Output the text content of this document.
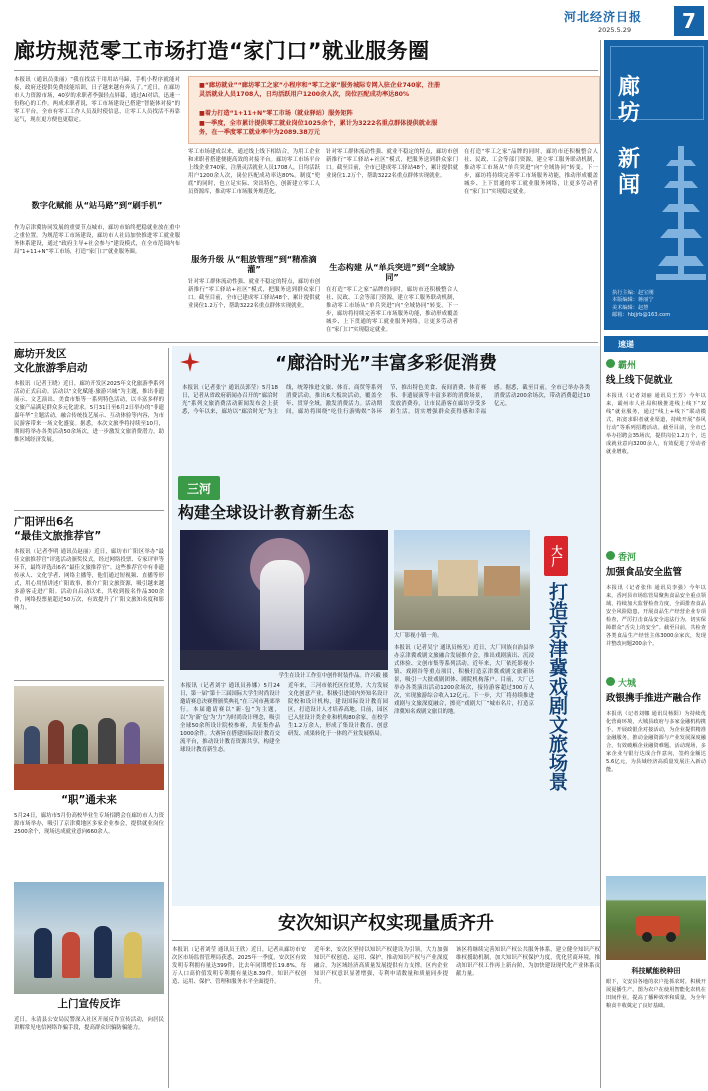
河北经济日报
2025.5.29	7
廊
坊
新
闻
执行主编：赵宝刚
本版编辑：蒋丽宁
美术编辑：赵慧
邮箱：hbjjrb@163.com
廊坊规范零工市场打造“家门口”就业服务圈
本报讯（通讯员张丽）“我在找活干用用站马蹄，手机小程序就能对接，政府还提供免费技能培训，日子越来越有奔头了。”近日，在廊坊市人力资源市场，40岁的求职者李强轻点屏幕，通过AI对话，迅速一份称心的工作。两成求职者说，零工市场建设已搭建“智能体对接”的零工平台，全市有零工工作人员及时使信息，让零工人员找活不再靠运气，现在更方便也更稳定。
数字化赋能 从“站马路”到“刷手机”
作为京津冀协同发展的重要节点城市，廊坊市始终把稳就业放在重中之重位置。为规范零工市场建设，廊坊市人社局加快推进零工就业服务体系建设，通过“政府主导+社会参与”建设模式，在全市范围内布局“1+11+N”零工市场，打造“家门口”就业服务圈。
■“廊坊就业”“廊坊零工之家”小程序和“零工之家”服务城际专网入驻企业740家，注册灵活就业人员1708人，日均活跃用户1200余人次，岗位匹配成功率达80%
■着力打造“1+11+N”零工市场（就业驿站）服务矩阵
■一季度，全市累计提供零工就业岗位1025余个，累计为3222名重点群体提供就业服务，在一季度零工就业率中为2089.38万元
零工市场建成以来，通过线上线下相结合，为用工企业和求职者搭建便捷高效的对接平台。廊坊零工市场平台上线企业740家，注册灵活就业人员1708人，日均活跃用户1200余人次，岗位匹配成功率达80%。制度“兜底”的同时，也立足实际、突出特色，创新建立零工人员资源库，推动零工市场服务规范化。
服务升级 从“粗放管理”到“精准滴灌”
针对零工群体流动性强、就业不稳定的特点，廊坊市创新推行“零工驿站+社区”模式，把服务送到群众家门口。截至目前，全市已建成零工驿站48个，累计提供就业岗位1.2万个，帮助3222名重点群体实现就业。
针对零工群体流动性强、就业不稳定的特点，廊坊市创新推行“零工驿站+社区”模式，把服务送到群众家门口。截至目前，全市已建成零工驿站48个，累计提供就业岗位1.2万个，帮助3222名重点群体实现就业。
生态构建 从“单兵突进”到“全域协同”
在打造“零工之家”品牌的同时，廊坊市还积极整合人社、民政、工会等部门资源，建立零工服务联动机制，推动零工市场从“单兵突进”向“全域协同”转变。下一步，廊坊将持续完善零工市场服务功能，推动形成覆盖城乡、上下贯通的零工就业服务网络，让更多劳动者在“家门口”实现稳定就业。
在打造“零工之家”品牌的同时，廊坊市还积极整合人社、民政、工会等部门资源，建立零工服务联动机制，推动零工市场从“单兵突进”向“全域协同”转变。下一步，廊坊将持续完善零工市场服务功能，推动形成覆盖城乡、上下贯通的零工就业服务网络，让更多劳动者在“家门口”实现稳定就业。
速递
霸州
线上线下促就业
本报讯（记者刘丽 通讯员王芳）今年以来，霸州市人社局积极推进线上线下“双线”就业服务，通过“线上+线下”联动模式，拓宽求职者就业渠道，持续开展“春风行动”等系列招聘活动。截至目前，全市已举办招聘会35场次，提供岗位1.2万个，达成就业意向3200余人，有效促进了劳动者就业增收。
香河
加强食品安全监管
本报讯（记者张伟 通讯员李强）今年以来，香河县市场监管局聚焦食品安全重点领域，持续加大监督检查力度，全面排查食品安全风险隐患，开展食品生产经营企业专项检查，严厉打击食品安全违法行为，切实保障群众“舌尖上的安全”。截至目前，共检查各类食品生产经营主体3000余家次，发现并整改问题200余个。
大城
政银携手推进产融合作
本报讯（记者刘娜 通讯员杨阳）为持续优化营商环境，大城县政府与多家金融机构携手，开展政银企对接活动，为企业提供精准金融服务，推动金融资源与产业发展深度融合，有效破解企业融资难题。活动现场，多家企业与银行达成合作意向，签约金额达5.6亿元，为县域经济高质量发展注入新动能。
科技赋能秧种田
眼下，文安县各地的农户抢抓农时，积极开展夏播生产。图为农户在使用智能化农机在田间作业，提高了播种效率和质量，为全年粮食丰收奠定了良好基础。
廊坊开发区
文化旅游季启动
本报讯（记者王晓）近日，廊坊开发区2025年文化旅游季系列活动正式启动。活动以“文化赋能·旅游兴城”为主题，推出非遗展示、文艺演出、美食市集等一系列特色活动，以丰富多样的文旅产品满足群众多元化需求。5月31日至6月2日举办的“非遗嘉年华”主题活动，融合传统技艺展示、互动体验等内容，为市民游客带来一场文化盛宴。据悉，本次文旅季将持续至10月，期间将举办各类活动50余场次，进一步激发文旅消费潜力，助推区域经济发展。
广阳评出6名
“最佳文旅推荐官”
本报讯（记者李明 通讯员赵丽）近日，廊坊市广阳区举办“最佳文旅推荐官”评选活动颁奖仪式，经过网络投票、专家评审等环节，最终评选出6名“最佳文旅推荐官”。这些推荐官中有非遗传承人、文化学者、网络主播等，他们通过短视频、直播等形式，用心用情讲述广阳故事，推介广阳文旅资源，吸引越来越多游客走进广阳。活动自启动以来，共收到报名作品300余件，网络投票量超过50万次，有效提升了广阳文旅知名度和影响力。
“职”通未来
5月24日，廊坊市5月份高校毕业生专场招聘会在廊坊市人力资源市场举办，吸引了京津冀地区多家企业参会，提供就业岗位2500余个，现场达成就业意向660余人。
上门宣传反诈
近日，永清县公安局民警深入社区开展反诈宣传活动，向居民讲解常见电信网络诈骗手段，提高群众识骗防骗能力。
“廊洽时光”丰富多彩促消费
本报讯（记者张宁 通讯员郭莹）5月18日，记者从省政府新闻办召开的“廊洽时光”系列文旅消费活动新闻发布会上获悉，今年以来，廊坊以“廊洽时光”为主线，统筹推进文旅、体育、商贸等系列消费活动，推出6大板块活动，覆盖全年、贯穿全域，激发消费活力。活动期间，廊坊将围绕“吃住行游购娱”各环节，推出特色美食、夜间消费、体育赛事、非遗展演等丰富多彩的消费场景，发放消费券，让市民游客在廊坊享受多彩生活，切实增强群众获得感和幸福感。据悉，截至目前，全市已举办各类消费活动200余场次，带动消费超过10亿元。
三河
构建全球设计教育新生态
学生在设计工作室中创作时装作品。许兴毅 摄
本报讯（记者刘宇 通讯员孙娜）5月24日，第一届“第十三届国际大学生时尚设计邀请赛总决赛暨颁奖典礼”在三河市燕郊举行。本届邀请赛以“新·包”为主题，以“为‘新’包‘为’力”为时尚设计理念，吸引全球50余所设计院校参赛，共征集作品1000余件。大赛旨在搭建国际设计教育交流平台，推动设计教育资源共享，构建全球设计教育新生态。
近年来，三河市依托区位优势，大力发展文化创意产业，积极引进国内外知名设计院校和设计机构，建设国际设计教育园区，打造设计人才培养高地。目前，园区已入驻设计类企业和机构80余家，在校学生1.2万余人，形成了集设计教育、创意研发、成果转化于一体的产业发展格局。
大厂影视小镇一角。
大厂
打造京津冀戏剧文旅场景
本报讯（记者吴宁 通讯员杨光）近日，大厂回族自治县举办京津冀戏剧文旅融合发展推介会，推出戏剧演出、沉浸式体验、文创市集等系列活动。近年来，大厂依托影视小镇、戏剧谷等重点项目，积极打造京津冀戏剧文旅新场景，吸引一大批戏剧团体、剧院机构落户。目前，大厂已举办各类演出活动1200余场次，接待游客超过300万人次，实现旅游综合收入12亿元。下一步，大厂将持续推进戏剧与文旅深度融合，擦亮“戏剧大厂”城市名片，打造京津冀知名戏剧文旅目的地。
安次知识产权实现量质齐升
本报讯（记者刘莹 通讯员王欣）近日，记者从廊坊市安次区市场监督管理局获悉，2025年一季度，安次区有效发明专利拥有量达399件，比去年同期增长19.8%，每万人口高价值发明专利拥有量达8.39件。知识产权创造、运用、保护、管理和服务水平全面提升。
近年来，安次区坚持以知识产权建设为引领，大力加强知识产权创造、运用、保护，推动知识产权与产业深度融合，为区域经济高质量发展提供有力支撑。区内企业知识产权意识显著增强，专利申请数量和质量同步提升。
该区将继续完善知识产权公共服务体系，建立健全知识产权维权援助机制，加大知识产权保护力度，优化营商环境，推动知识产权工作再上新台阶，为加快建设现代化产业体系贡献力量。
